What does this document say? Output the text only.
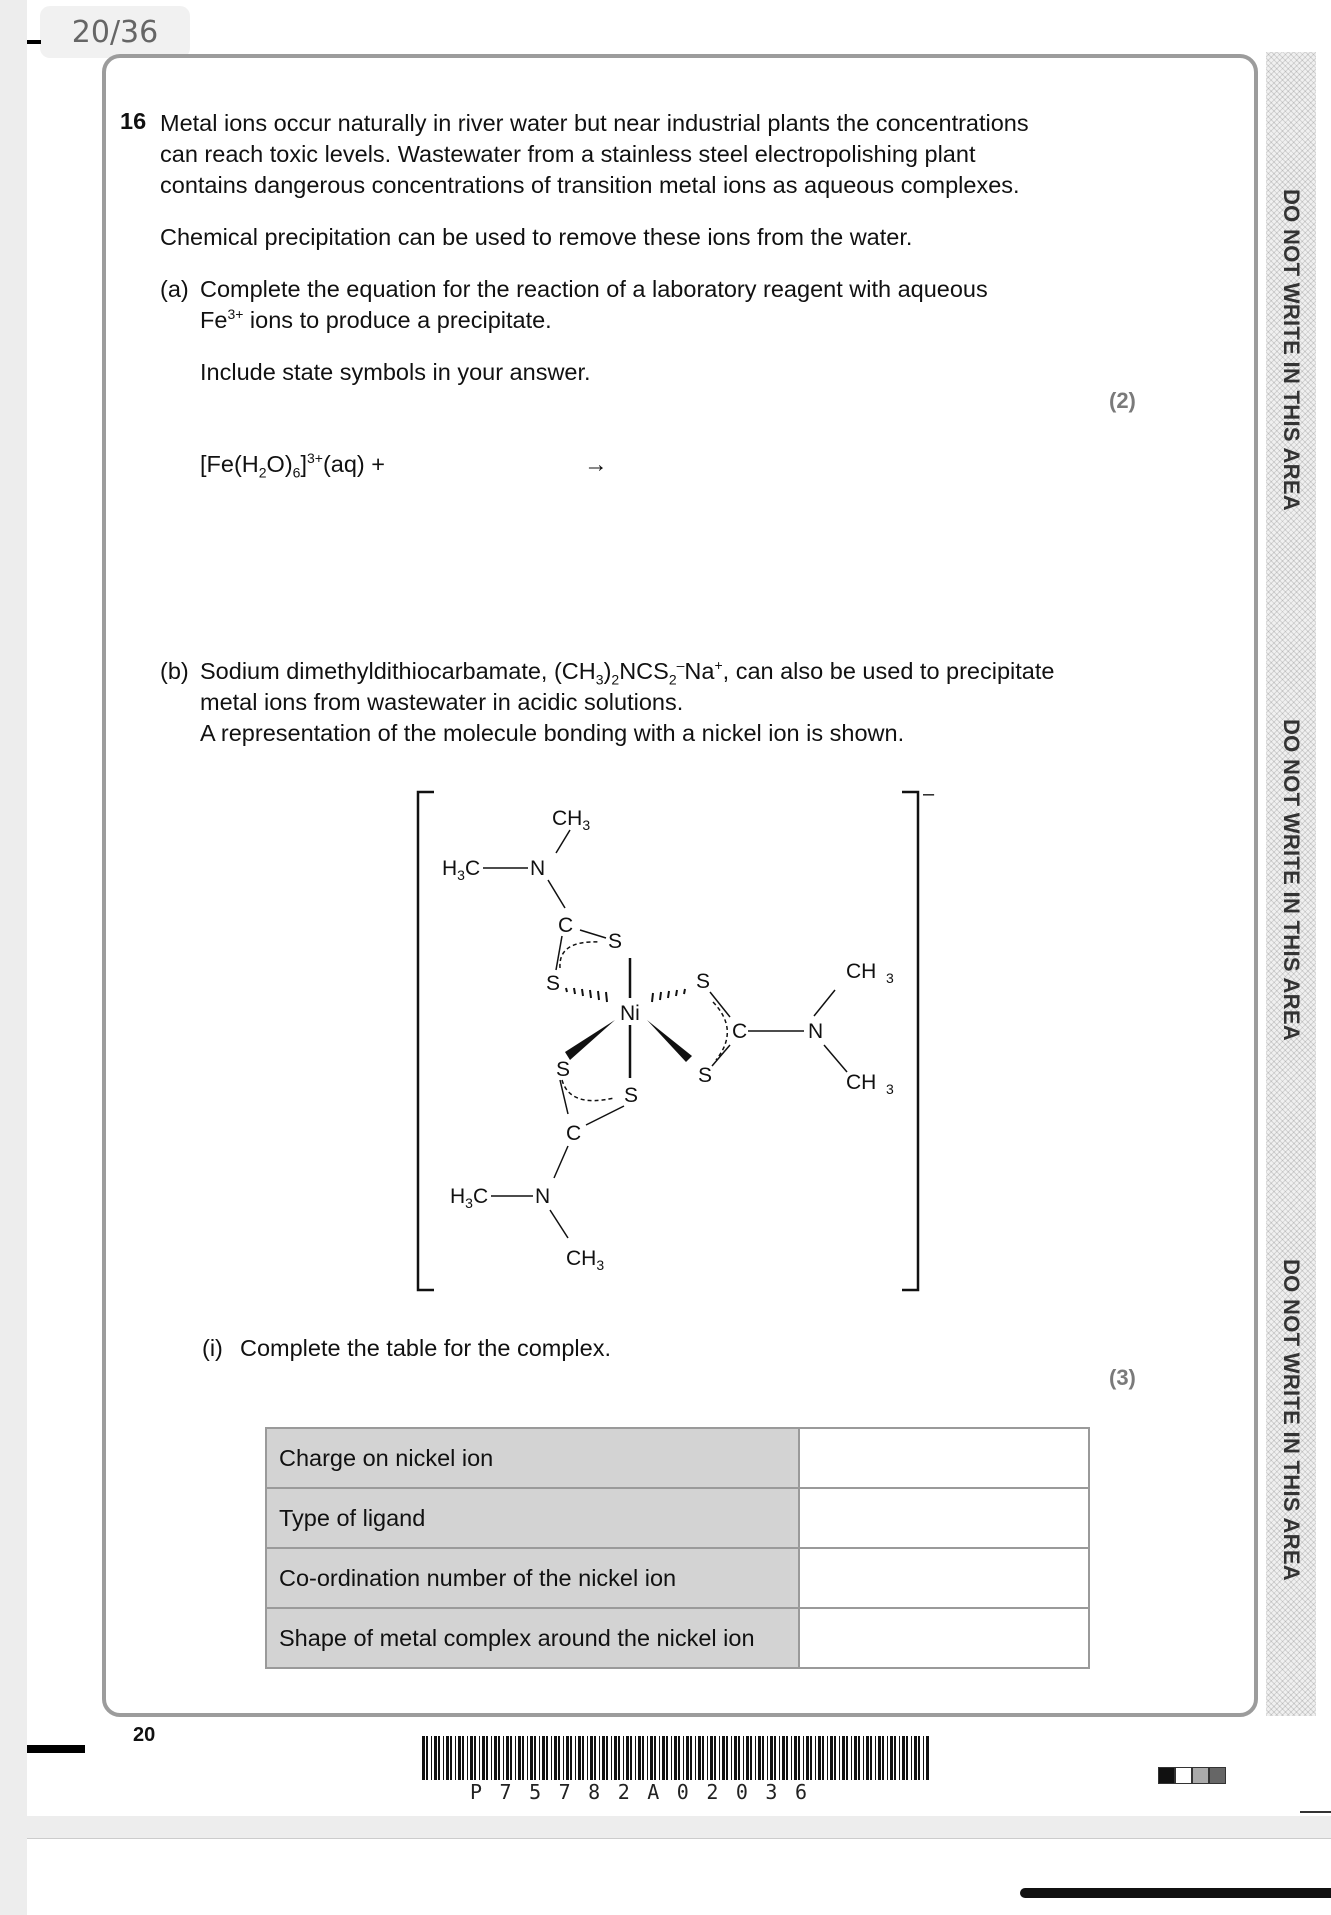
20/36
DO NOT WRITE IN THIS AREA
DO NOT WRITE IN THIS AREA
DO NOT WRITE IN THIS AREA
16 Metal ions occur naturally in river water but near industrial plants the concentrations
can reach toxic levels. Wastewater from a stainless steel electropolishing plant
contains dangerous concentrations of transition metal ions as aqueous complexes.
Chemical precipitation can be used to remove these ions from the water.
(a) Complete the equation for the reaction of a laboratory reagent with aqueous
$Fe^{3+}$ ions to produce a precipitate.
Include state symbols in your answer.
(2)
$[Fe(H_2O)_6]^{3+}(aq)$ +	→
(b) Sodium dimethyldithiocarbamate, $(CH_3)_2NCS_2^-Na^+$, can also be used to precipitate
metal ions from wastewater in acidic solutions.
A representation of the molecule bonding with a nickel ion is shown.
–
$CH_3$
$H_3C$ N
C
S
S
Ni
S
S
C	N
CH 3
CH 3
S
S
C
$H_3C$ N
$CH_3$
(i) Complete the table for the complex.
(3)
Charge on nickel ion	
Type of ligand	
Co-ordination number of the nickel ion	
Shape of metal complex around the nickel ion	
20
P75782A02036
